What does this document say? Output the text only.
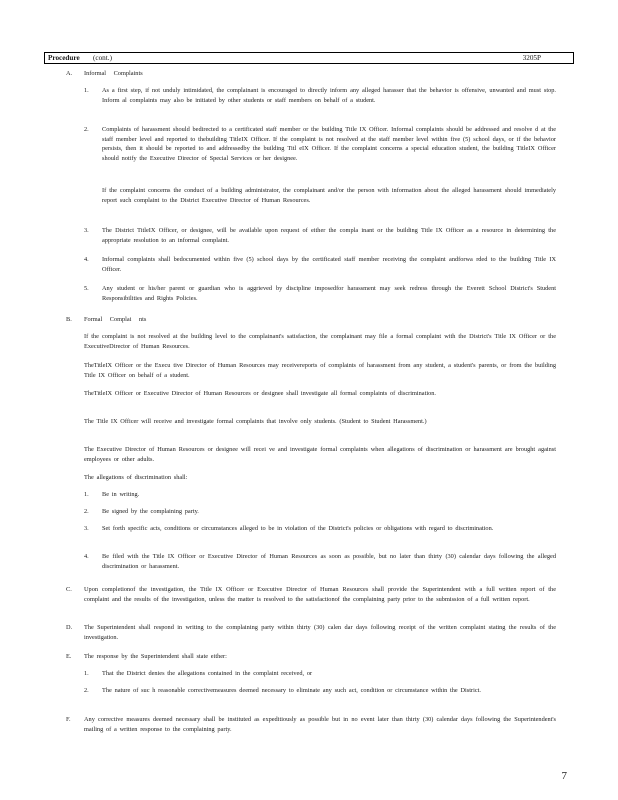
Procedure (cont.)	3205P
A. Informal Complaints
1. As a first step, if not unduly intimidated, the complainant is encouraged to directly inform any alleged harasser that the behavior is offensive, unwanted and must stop. Inform al complaints may also be initiated by other students or staff members on behalf of a student.
2. Complaints of harassment should bedirected to a certificated staff member or the building Title IX Officer. Informal complaints should be addressed and resolve d at the staff member level and reported to thebuilding TitleIX Officer. If the complaint is not resolved at the staff member level within five (5) school days, or if the behavior persists, then it should be reported to and addressedby the building Titl eIX Officer. If the complaint concerns a special education student, the building TitleIX Officer should notify the Executive Director of Special Services or her designee.
If the complaint concerns the conduct of a building administrator, the complainant and/or the person with information about the alleged harassment should immediately report such complaint to the District Executive Director of Human Resources.
3. The District TitleIX Officer, or designee, will be available upon request of either the compla inant or the building Title IX Officer as a resource in determining the appropriate resolution to an informal complaint.
4. Informal complaints shall bedocumented within five (5) school days by the certificated staff member receiving the complaint andforwa rded to the building Title IX Officer.
5. Any student or his/her parent or guardian who is aggrieved by discipline imposedfor harassment may seek redress through the Everett School District's Student Responsibilities and Rights Policies.
B. Formal Complai nts
If the complaint is not resolved at the building level to the complainant's satisfaction, the complainant may file a formal complaint with the District's Title IX Officer or the ExecutiveDirector of Human Resources.
TheTitleIX Officer or the Execu tive Director of Human Resources may receivereports of complaints of harassment from any student, a student's parents, or from the building Title IX Officer on behalf of a student.
TheTitleIX Officer or Executive Director of Human Resources or designee shall investigate all formal complaints of discrimination.
The Title IX Officer will receive and investigate formal complaints that involve only students. (Student to Student Harassment.)
The Executive Director of Human Resources or designee will recei ve and investigate formal complaints when allegations of discrimination or harassment are brought against employees or other adults.
The allegations of discrimination shall:
1. Be in writing.
2. Be signed by the complaining party.
3. Set forth specific acts, conditions or circumstances alleged to be in violation of the District's policies or obligations with regard to discrimination.
4. Be filed with the Title IX Officer or Executive Director of Human Resources as soon as possible, but no later than thirty (30) calendar days following the alleged discrimination or harassment.
C. Upon completionof the investigation, the Title IX Officer or Executive Director of Human Resources shall provide the Superintendent with a full written report of the complaint and the results of the investigation, unless the matter is resolved to the satisfactionof the complaining party prior to the submission of a full written report.
D. The Superintendent shall respond in writing to the complaining party within thirty (30) calen dar days following receipt of the written complaint stating the results of the investigation.
E. The response by the Superintendent shall state either:
1. That the District denies the allegations contained in the complaint received, or
2. The nature of suc h reasonable correctivemeasures deemed necessary to eliminate any such act, condition or circumstance within the District.
F. Any corrective measures deemed necessary shall be instituted as expeditiously as possible but in no event later than thirty (30) calendar days following the Superintendent's mailing of a written response to the complaining party.
7
